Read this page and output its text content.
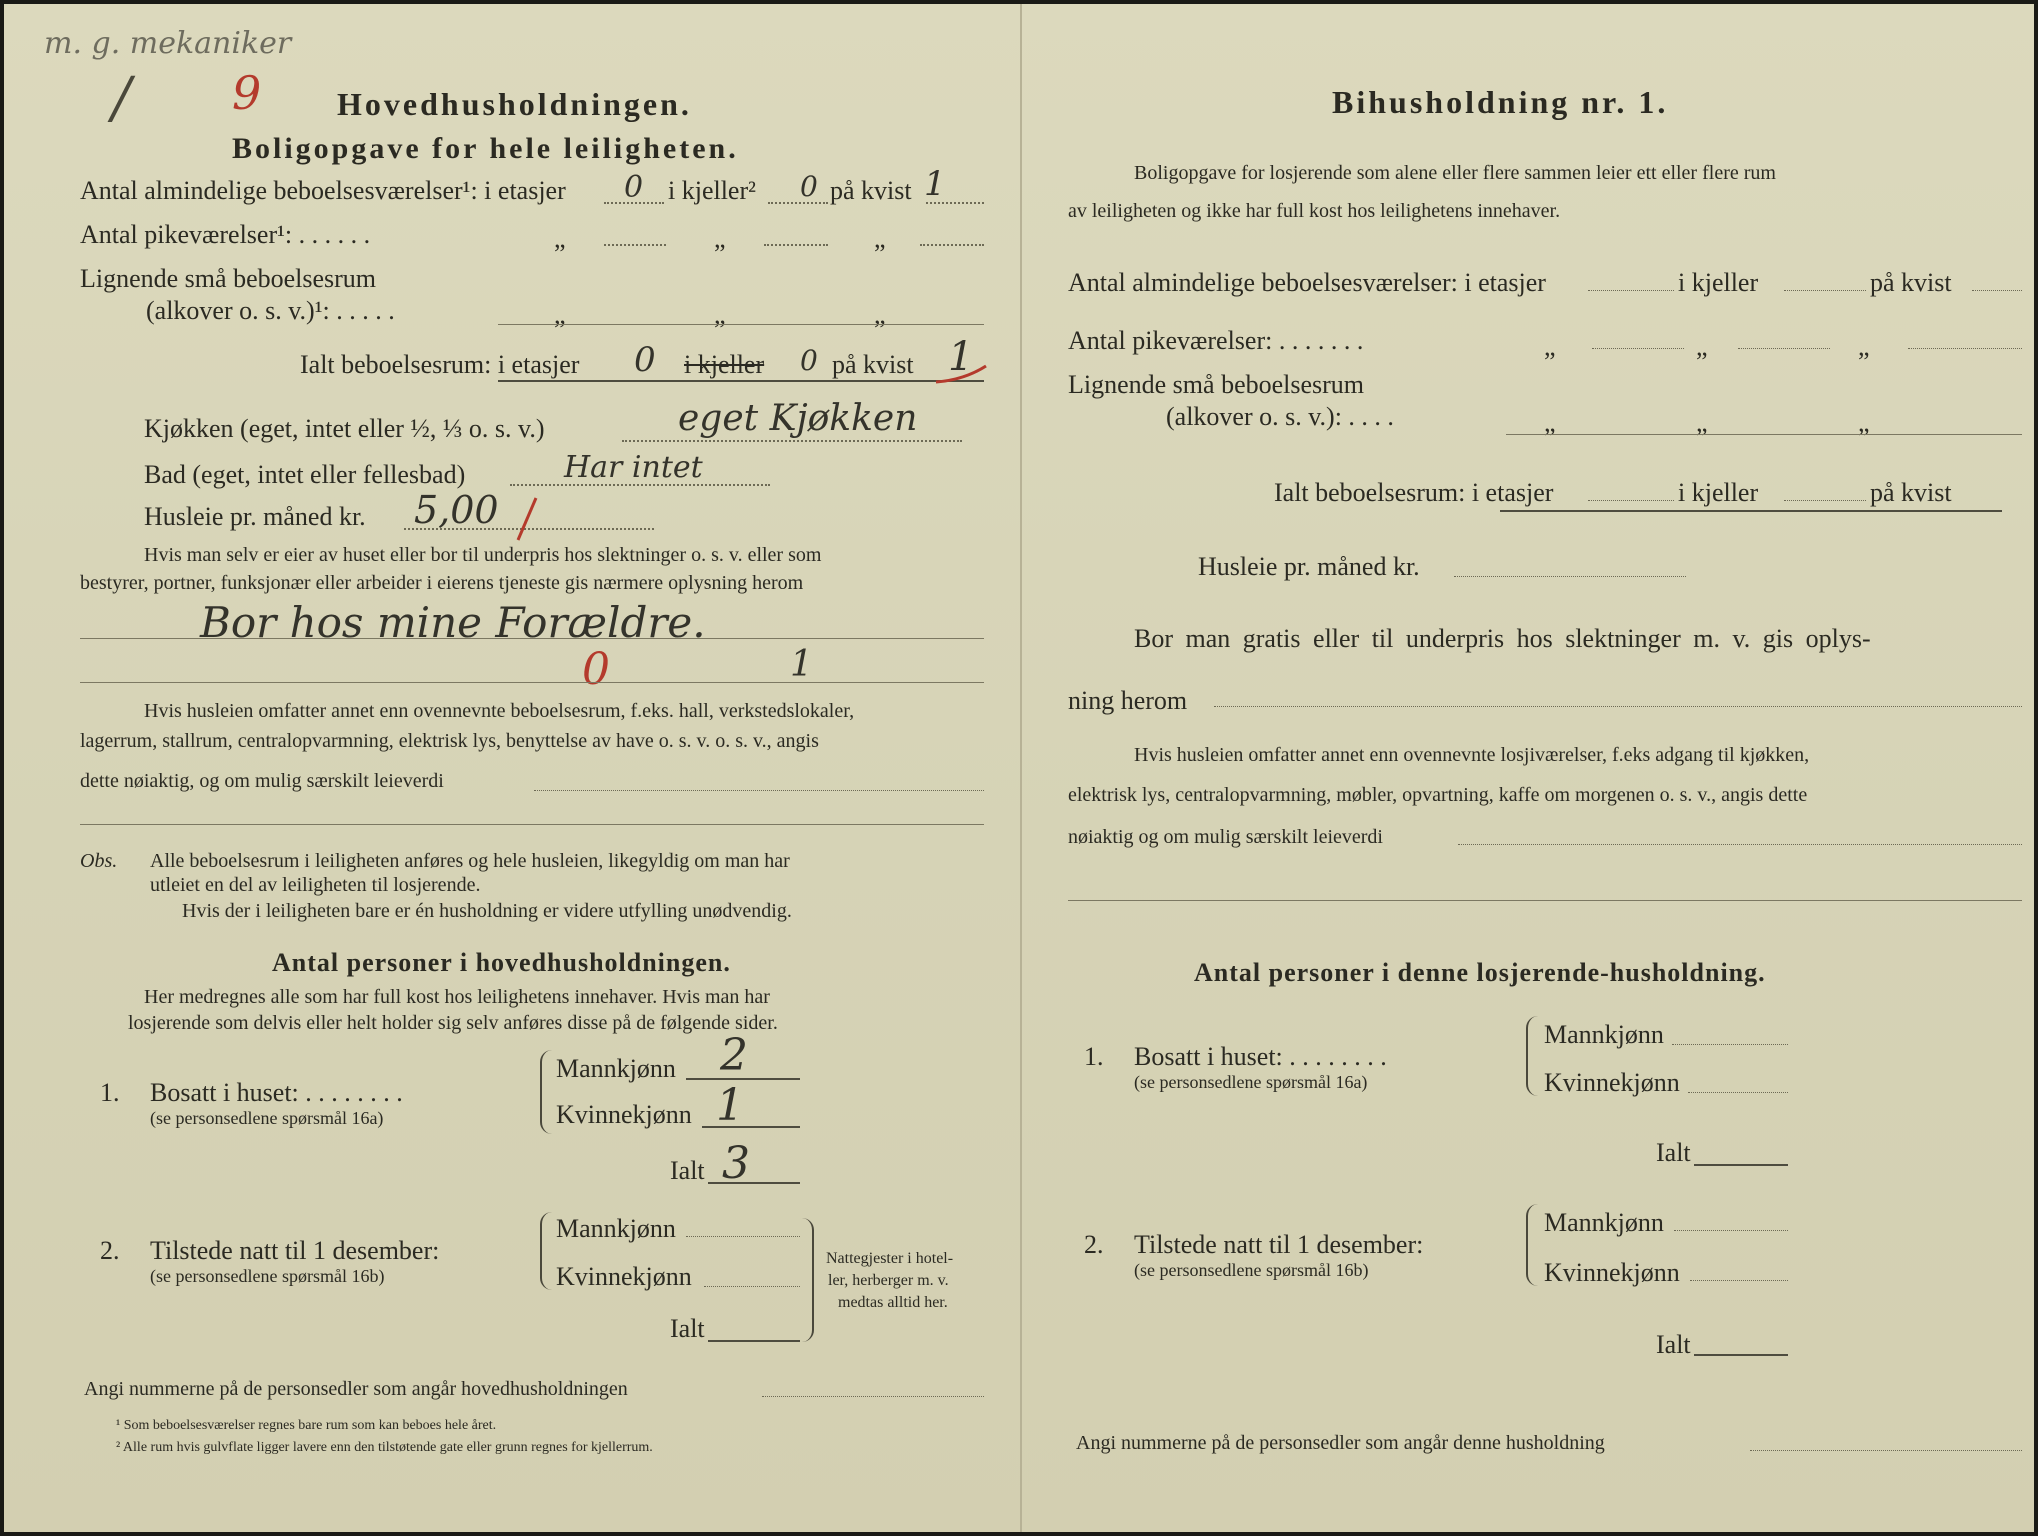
m. g. mekaniker
/ 9 Hovedhusholdningen.
Boligopgave for hele leiligheten.
Antal almindelige beboelsesværelser¹: i etasjer 0 i kjeller² 0 på kvist 1
Antal pikeværelser¹: . . . . . .	„	„	„
Lignende små beboelsesrum
(alkover o. s. v.)¹: . . . . .	„	„	„
Ialt beboelsesrum: i etasjer 0 i kjeller 0 på kvist 1
Kjøkken (eget, intet eller ½, ⅓ o. s. v.)	eget Kjøkken
Bad (eget, intet eller fellesbad)	Har intet
Husleie pr. måned kr. 5,00
Hvis man selv er eier av huset eller bor til underpris hos slektninger o. s. v. eller som
bestyrer, portner, funksjonær eller arbeider i eierens tjeneste gis nærmere oplysning herom
Bor hos mine Forældre.
0	1
Hvis husleien omfatter annet enn ovennevnte beboelsesrum, f.eks. hall, verkstedslokaler,
lagerrum, stallrum, centralopvarmning, elektrisk lys, benyttelse av have o. s. v. o. s. v., angis
dette nøiaktig, og om mulig særskilt leieverdi
Obs. Alle beboelsesrum i leiligheten anføres og hele husleien, likegyldig om man har
utleiet en del av leiligheten til losjerende.
Hvis der i leiligheten bare er én husholdning er videre utfylling unødvendig.
Antal personer i hovedhusholdningen.
Her medregnes alle som har full kost hos leilighetens innehaver. Hvis man har
losjerende som delvis eller helt holder sig selv anføres disse på de følgende sider.
1. Bosatt i huset: . . . . . . . .
(se personsedlene spørsmål 16a)
Mannkjønn 2
Kvinnekjønn 1
Ialt 3
2. Tilstede natt til 1 desember:
(se personsedlene spørsmål 16b)
Mannkjønn
Kvinnekjønn
Ialt
Nattegjester i hotel-
ler, herberger m. v.
medtas alltid her.
Angi nummerne på de personsedler som angår hovedhusholdningen
¹ Som beboelsesværelser regnes bare rum som kan beboes hele året.
² Alle rum hvis gulvflate ligger lavere enn den tilstøtende gate eller grunn regnes for kjellerrum.
Bihusholdning nr. 1.
Boligopgave for losjerende som alene eller flere sammen leier ett eller flere rum
av leiligheten og ikke har full kost hos leilighetens innehaver.
Antal almindelige beboelsesværelser: i etasjer	i kjeller	på kvist
Antal pikeværelser: . . . . . . .	„	„	„
Lignende små beboelsesrum
(alkover o. s. v.): . . . .	„	„	„
Ialt beboelsesrum: i etasjer	i kjeller	på kvist
Husleie pr. måned kr.
Bor man gratis eller til underpris hos slektninger m. v. gis oplys-
ning herom
Hvis husleien omfatter annet enn ovennevnte losjiværelser, f.eks adgang til kjøkken,
elektrisk lys, centralopvarmning, møbler, opvartning, kaffe om morgenen o. s. v., angis dette
nøiaktig og om mulig særskilt leieverdi
Antal personer i denne losjerende-husholdning.
1. Bosatt i huset: . . . . . . . .
(se personsedlene spørsmål 16a)
Mannkjønn
Kvinnekjønn
Ialt
2. Tilstede natt til 1 desember:
(se personsedlene spørsmål 16b)
Mannkjønn
Kvinnekjønn
Ialt
Angi nummerne på de personsedler som angår denne husholdning
